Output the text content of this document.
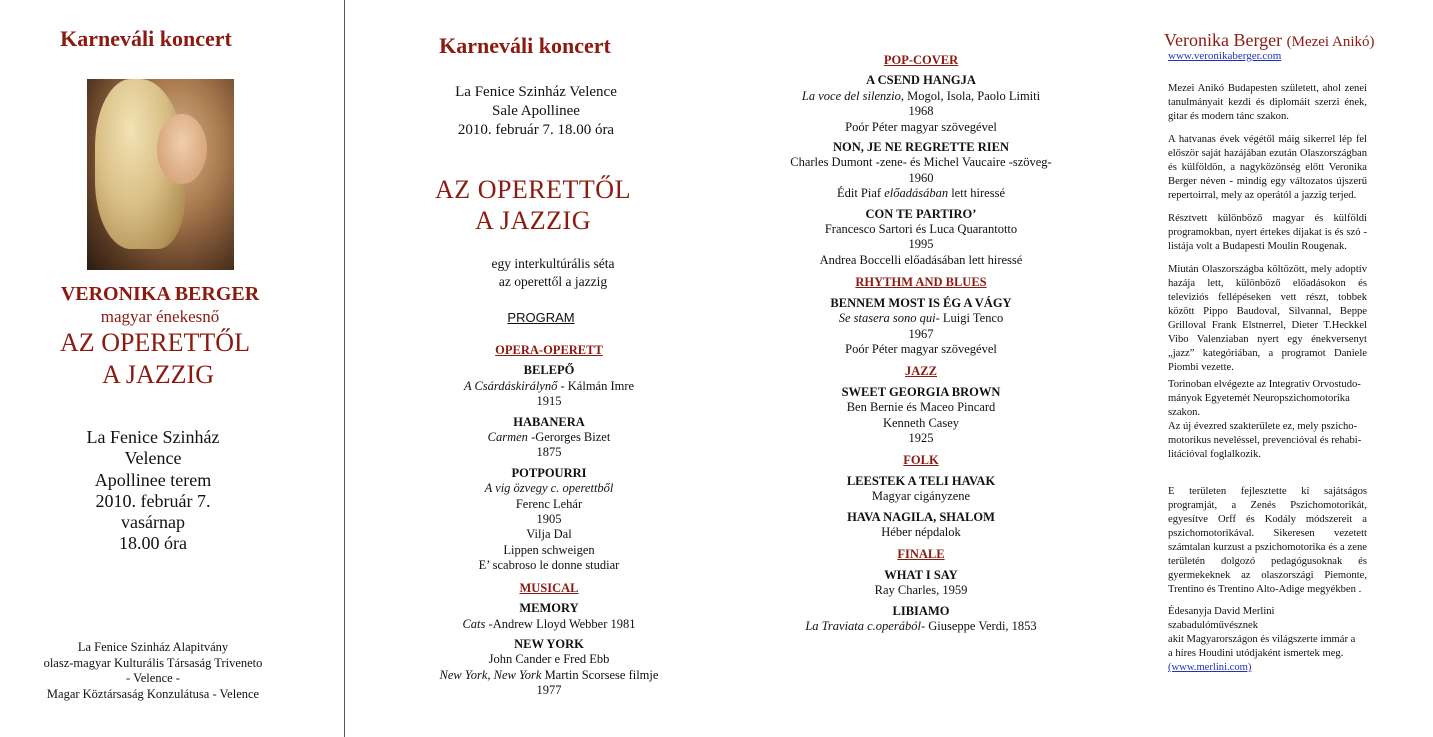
Karneváli koncert
VERONIKA BERGER
magyar énekesnő
AZ OPERETTŐL
A JAZZIG
La Fenice Szinház
Velence
Apollinee terem
2010. február 7.
vasárnap
18.00 óra
La Fenice Szinház Alapitvány
olasz-magyar Kulturális Társaság Triveneto
- Velence -
Magar Köztársaság Konzulátusa - Velence
Karneváli koncert
La Fenice Szinház Velence
Sale Apollinee
2010. február 7. 18.00 óra
AZ OPERETTŐL
A JAZZIG
egy interkultúrális séta
az operettől a jazzig
PROGRAM
OPERA-OPERETT
BELEPŐ
A Csárdáskirálynő - Kálmán Imre
1915
HABANERA
Carmen -Gerorges Bizet
1875
POTPOURRI
A vig özvegy c. operettből
Ferenc Lehár
1905
Vilja Dal
Lippen schweigen
E’ scabroso le donne studiar
MUSICAL
MEMORY
Cats -Andrew Lloyd Webber 1981
NEW YORK
John Cander e Fred Ebb
New York, New York Martin Scorsese filmje
1977
POP-COVER
A CSEND HANGJA
La voce del silenzio, Mogol, Isola, Paolo Limiti
1968
Poór Péter magyar szövegével
NON, JE NE REGRETTE RIEN
Charles Dumont -zene- és Michel Vaucaire -szöveg-
1960
Édit Piaf előadásában lett hiressé
CON TE PARTIRO’
Francesco Sartori és Luca Quarantotto
1995
Andrea Boccelli előadásában lett hiressé
RHYTHM AND BLUES
BENNEM MOST IS ÉG A VÁGY
Se stasera sono qui- Luigi Tenco
1967
Poór Péter magyar szövegével
JAZZ
SWEET GEORGIA BROWN
Ben Bernie és Maceo Pincard
Kenneth Casey
1925
FOLK
LEESTEK A TELI HAVAK
Magyar cigányzene
HAVA NAGILA, SHALOM
Héber népdalok
FINALE
WHAT I SAY
Ray Charles, 1959
LIBIAMO
La Traviata c.operából- Giuseppe Verdi, 1853
Veronika Berger (Mezei Anikó)
www.veronikaberger.com

Mezei Anikó Budapesten született, ahol zenei tanulmányait kezdi és diplomáit szerzi ének, gitar és modern tánc szakon.

A hatvanas évek végétől máig sikerrel lép fel először saját hazájában ezután Olaszországban és külföldön, a nagyközönség előtt Veronika Berger néven - mindíg egy változatos újszerű repertoirral, mely az operától a jazzig terjed.

Résztvett különböző magyar és külföldi programokban, nyert értekes díjakat is és szó - listája volt a Budapesti Moulin Rougenak.

Miután Olaszországba költözött, mely adoptív hazája lett, különböző előadásokon és televiziós fellépéseken vett részt, tobbek között Pippo Baudoval, Silvannal, Beppe Grilloval Frank Elstnerrel, Dieter T.Heckkel Vibo Valenziaban nyert egy énekversenyt „jazz” kategóriában, a programot Daniele Piombi vezette.

Torinoban elvégezte az Integrativ Orvostudo-
mányok Egyetemét Neuropszichomotorika
szakon.
Az új évezred szakterülete ez, mely pszicho-
motorikus neveléssel, prevencióval és rehabi-
litációval foglalkozik.

E területen fejlesztette ki sajátságos programját, a Zenés Pszichomotorikát, egyesítve Orff és Kodály módszereit a pszichomotorikával. Sikeresen vezetett számtalan kurzust a pszichomotorika és a zene területén dolgozó pedagógusoknak és gyermekeknek az olaszországi Piemonte, Trentino és Trentino Alto-Adige megyékben .

Édesanyja David Merlini szabadulóművésznek
akit Magyarországon és világszerte immár a
a híres Houdini utódjaként ismertek meg.
(www.merlini.com)
